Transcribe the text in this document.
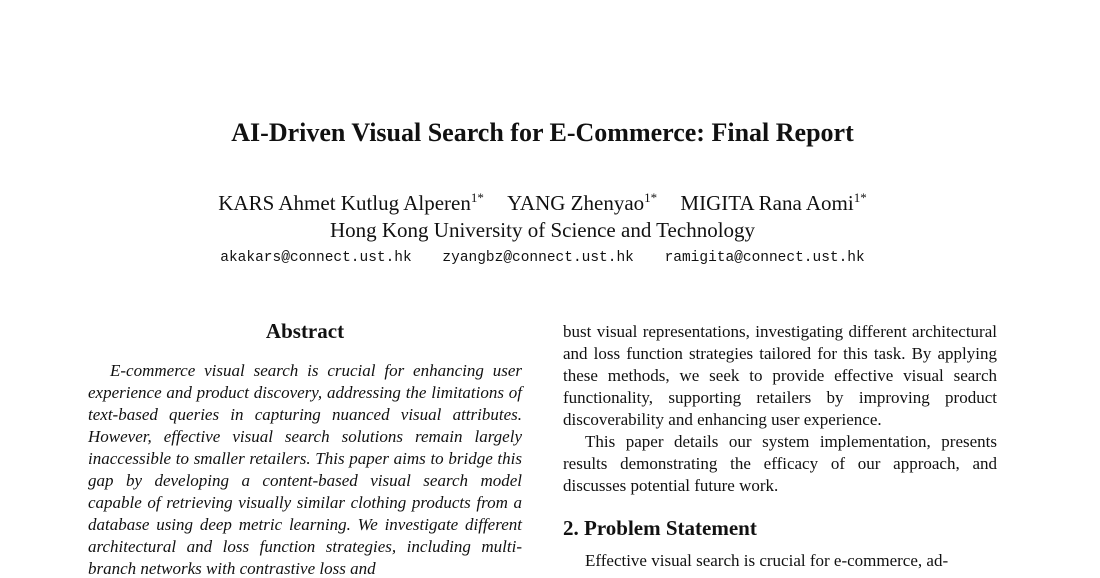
AI-Driven Visual Search for E-Commerce: Final Report
KARS Ahmet Kutlug Alperen$^{1*}$ YANG Zhenyao$^{1*}$ MIGITA Rana Aomi$^{1*}$
Hong Kong University of Science and Technology
akakars@connect.ust.hk zyangbz@connect.ust.hk ramigita@connect.ust.hk
Abstract

E-commerce visual search is crucial for enhancing user experience and product discovery, addressing the limitations of text-based queries in capturing nuanced visual attributes. However, effective visual search solutions remain largely inaccessible to smaller retailers. This paper aims to bridge this gap by developing a content-based visual search model capable of retrieving visually similar clothing products from a database using deep metric learning. We investigate different architectural and loss function strategies, including multi-branch networks with contrastive loss and

bust visual representations, investigating different architectural and loss function strategies tailored for this task. By applying these methods, we seek to provide effective visual search functionality, supporting retailers by improving product discoverability and enhancing user experience.

This paper details our system implementation, presents results demonstrating the efficacy of our approach, and discusses potential future work.

2. Problem Statement

Effective visual search is crucial for e-commerce, ad-
